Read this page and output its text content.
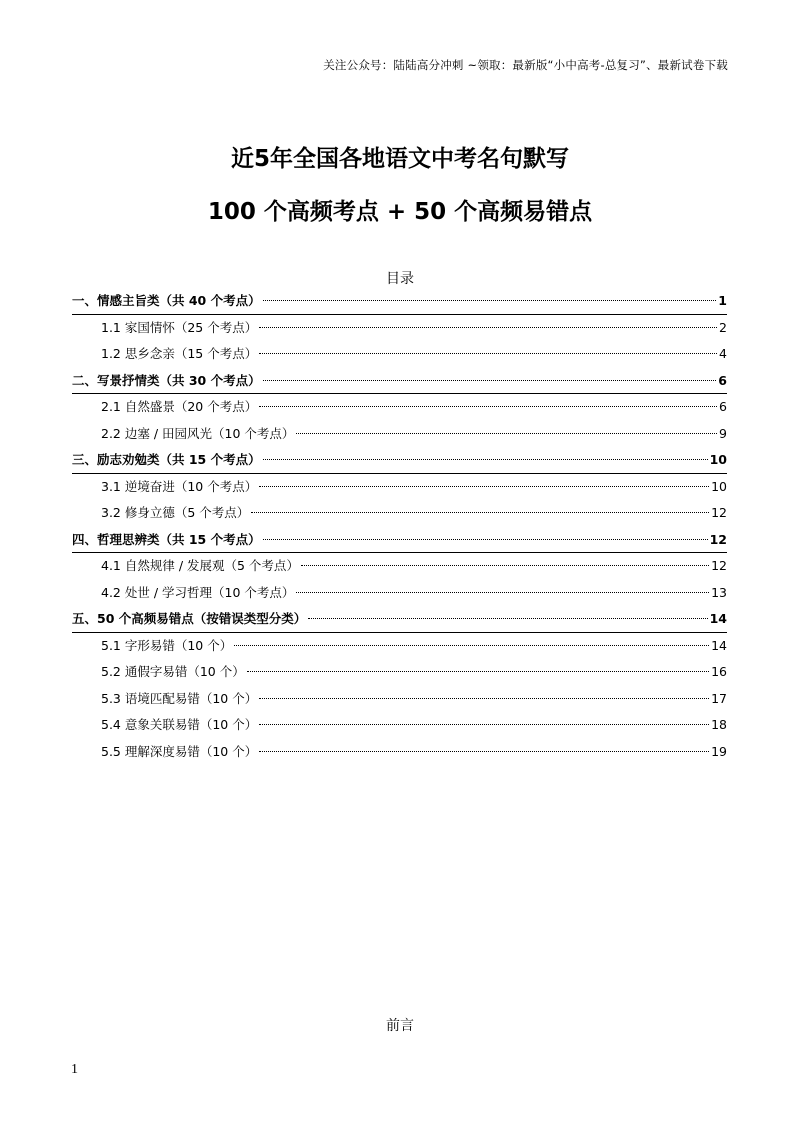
关注公众号：陆陆高分冲刺 ~领取：最新版“小中高考-总复习”、最新试卷下载
近5年全国各地语文中考名句默写
100 个高频考点 + 50 个高频易错点
目录
一、情感主旨类（共 40 个考点）	1
1.1 家国情怀（25 个考点）	2
1.2 思乡念亲（15 个考点）	4
二、写景抒情类（共 30 个考点）	6
2.1 自然盛景（20 个考点）	6
2.2 边塞 / 田园风光（10 个考点）	9
三、励志劝勉类（共 15 个考点）	10
3.1 逆境奋进（10 个考点）	10
3.2 修身立德（5 个考点）	12
四、哲理思辨类（共 15 个考点）	12
4.1 自然规律 / 发展观（5 个考点）	12
4.2 处世 / 学习哲理（10 个考点）	13
五、50 个高频易错点（按错误类型分类）	14
5.1 字形易错（10 个）	14
5.2 通假字易错（10 个）	16
5.3 语境匹配易错（10 个）	17
5.4 意象关联易错（10 个）	18
5.5 理解深度易错（10 个）	19
前言
1
